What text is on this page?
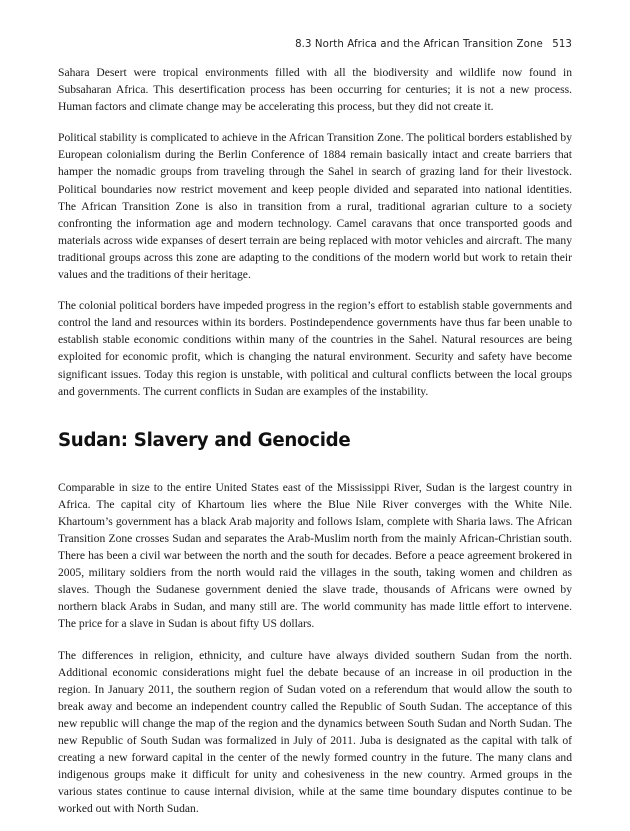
8.3 North Africa and the African Transition Zone 513

Sahara Desert were tropical environments filled with all the biodiversity and wildlife now found in Subsaharan Africa. This desertification process has been occurring for centuries; it is not a new process. Human factors and climate change may be accelerating this process, but they did not create it.

Political stability is complicated to achieve in the African Transition Zone. The political borders established by European colonialism during the Berlin Conference of 1884 remain basically intact and create barriers that hamper the nomadic groups from traveling through the Sahel in search of grazing land for their livestock. Political boundaries now restrict movement and keep people divided and separated into national identities. The African Transition Zone is also in transition from a rural, traditional agrarian culture to a society confronting the information age and modern technology. Camel caravans that once transported goods and materials across wide expanses of desert terrain are being replaced with motor vehicles and aircraft. The many traditional groups across this zone are adapting to the conditions of the modern world but work to retain their values and the traditions of their heritage.

The colonial political borders have impeded progress in the region’s effort to establish stable governments and control the land and resources within its borders. Postindependence governments have thus far been unable to establish stable economic conditions within many of the countries in the Sahel. Natural resources are being exploited for economic profit, which is changing the natural environment. Security and safety have become significant issues. Today this region is unstable, with political and cultural conflicts between the local groups and governments. The current conflicts in Sudan are examples of the instability.

Sudan: Slavery and Genocide

Comparable in size to the entire United States east of the Mississippi River, Sudan is the largest country in Africa. The capital city of Khartoum lies where the Blue Nile River converges with the White Nile. Khartoum’s government has a black Arab majority and follows Islam, complete with Sharia laws. The African Transition Zone crosses Sudan and separates the Arab-Muslim north from the mainly African-Christian south. There has been a civil war between the north and the south for decades. Before a peace agreement brokered in 2005, military soldiers from the north would raid the villages in the south, taking women and children as slaves. Though the Sudanese government denied the slave trade, thousands of Africans were owned by northern black Arabs in Sudan, and many still are. The world community has made little effort to intervene. The price for a slave in Sudan is about fifty US dollars.

The differences in religion, ethnicity, and culture have always divided southern Sudan from the north. Additional economic considerations might fuel the debate because of an increase in oil production in the region. In January 2011, the southern region of Sudan voted on a referendum that would allow the south to break away and become an independent country called the Republic of South Sudan. The acceptance of this new republic will change the map of the region and the dynamics between South Sudan and North Sudan. The new Republic of South Sudan was formalized in July of 2011. Juba is designated as the capital with talk of creating a new forward capital in the center of the newly formed country in the future. The many clans and indigenous groups make it difficult for unity and cohesiveness in the new country. Armed groups in the various states continue to cause internal division, while at the same time boundary disputes continue to be worked out with North Sudan.
